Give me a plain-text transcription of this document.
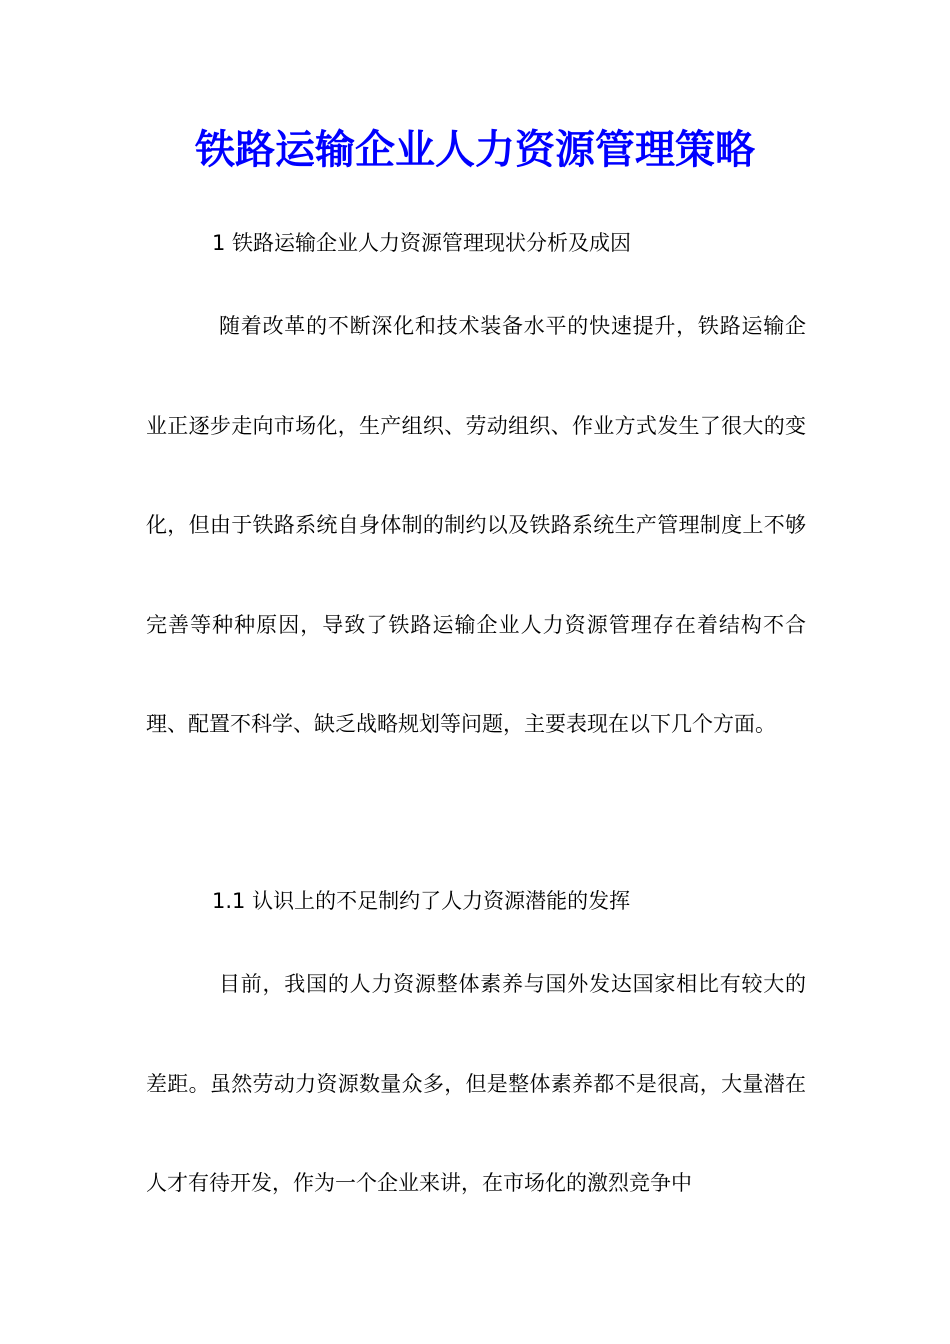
铁路运输企业人力资源管理策略

1 铁路运输企业人力资源管理现状分析及成因

随着改革的不断深化和技术装备水平的快速提升，铁路运输企业正逐步走向市场化，生产组织、劳动组织、作业方式发生了很大的变化，但由于铁路系统自身体制的制约以及铁路系统生产管理制度上不够完善等种种原因，导致了铁路运输企业人力资源管理存在着结构不合理、配置不科学、缺乏战略规划等问题，主要表现在以下几个方面。

1.1 认识上的不足制约了人力资源潜能的发挥

目前，我国的人力资源整体素养与国外发达国家相比有较大的差距。虽然劳动力资源数量众多，但是整体素养都不是很高，大量潜在人才有待开发，作为一个企业来讲，在市场化的激烈竞争中
